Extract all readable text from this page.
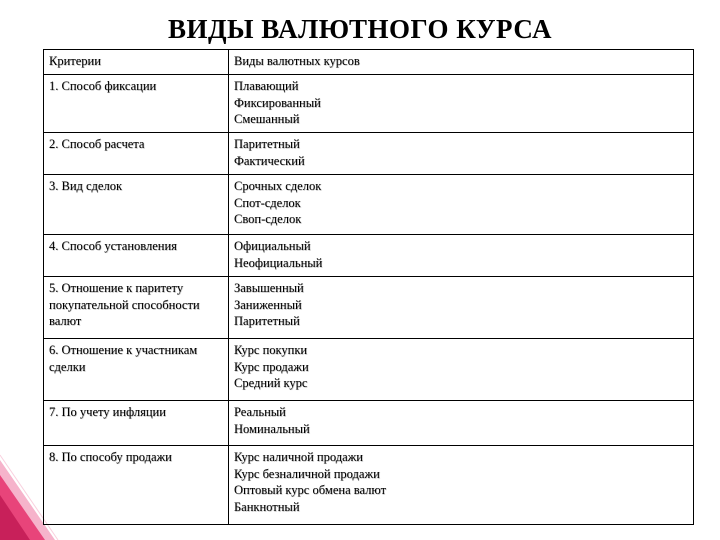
ВИДЫ ВАЛЮТНОГО КУРСА
Критерии	Виды валютных курсов
1. Способ фиксации	Плавающий
Фиксированный
Смешанный

2. Способ расчета	Паритетный
Фактический

3. Вид сделок	Срочных сделок
Спот-сделок
Своп-сделок

4. Способ установления	Официальный
Неофициальный

5. Отношение к паритету покупательной способности валют	Завышенный
Заниженный
Паритетный

6. Отношение к участникам сделки	Курс покупки
Курс продажи
Средний курс

7. По учету инфляции	Реальный
Номинальный

8. По способу продажи	Курс наличной продажи
Курс безналичной продажи
Оптовый курс обмена валют
Банкнотный
